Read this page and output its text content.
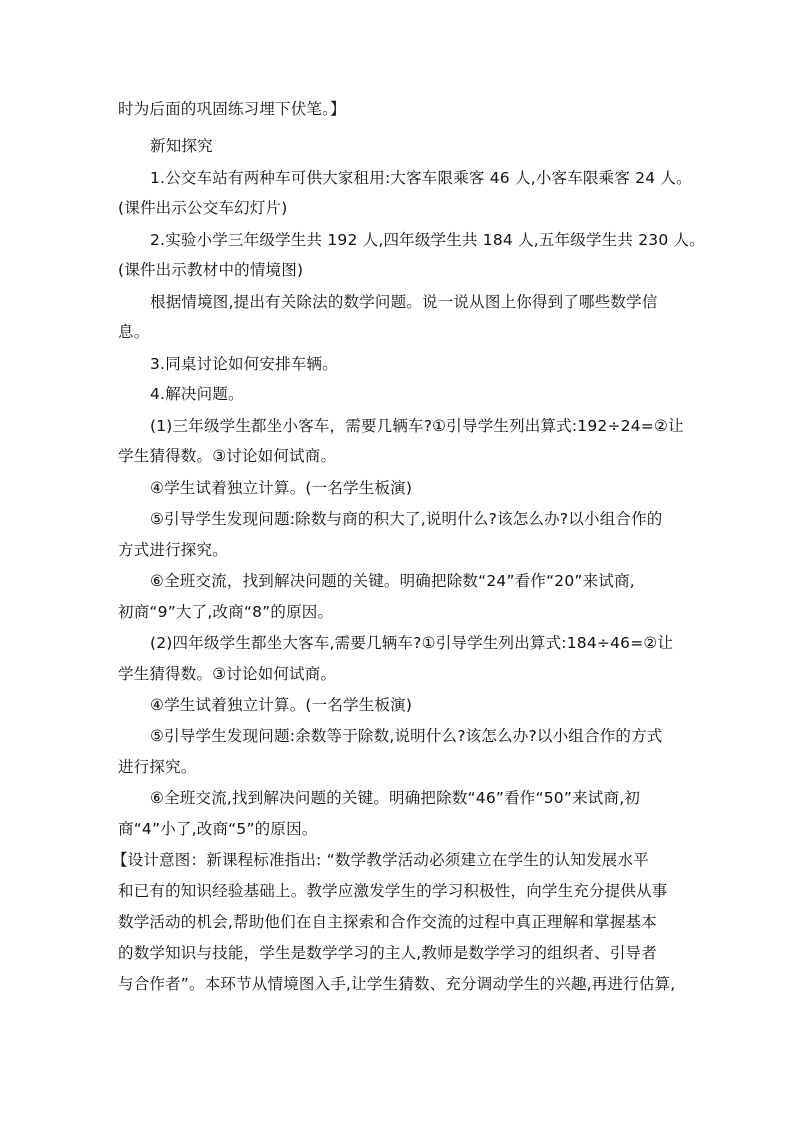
时为后面的巩固练习埋下伏笔。】
新知探究
1.公交车站有两种车可供大家租用:大客车限乘客 46 人,小客车限乘客 24 人。
(课件出示公交车幻灯片)
2.实验小学三年级学生共 192 人,四年级学生共 184 人,五年级学生共 230 人。
(课件出示教材中的情境图)
根据情境图,提出有关除法的数学问题。说一说从图上你得到了哪些数学信
息。
3.同桌讨论如何安排车辆。
4.解决问题。
(1)三年级学生都坐小客车，需要几辆车?①引导学生列出算式:192÷24=②让
学生猜得数。③讨论如何试商。
④学生试着独立计算。(一名学生板演)
⑤引导学生发现问题:除数与商的积大了,说明什么?该怎么办?以小组合作的
方式进行探究。
⑥全班交流，找到解决问题的关键。明确把除数“24”看作“20”来试商,
初商“9”大了,改商“8”的原因。
(2)四年级学生都坐大客车,需要几辆车?①引导学生列出算式:184÷46=②让
学生猜得数。③讨论如何试商。
④学生试着独立计算。(一名学生板演)
⑤引导学生发现问题:余数等于除数,说明什么?该怎么办?以小组合作的方式
进行探究。
⑥全班交流,找到解决问题的关键。明确把除数“46”看作“50”来试商,初
商“4”小了,改商“5”的原因。
【设计意图：新课程标准指出: “数学教学活动必须建立在学生的认知发展水平
和已有的知识经验基础上。教学应激发学生的学习积极性，向学生充分提供从事
数学活动的机会,帮助他们在自主探索和合作交流的过程中真正理解和掌握基本
的数学知识与技能，学生是数学学习的主人,教师是数学学习的组织者、引导者
与合作者”。本环节从情境图入手,让学生猜数、充分调动学生的兴趣,再进行估算,
